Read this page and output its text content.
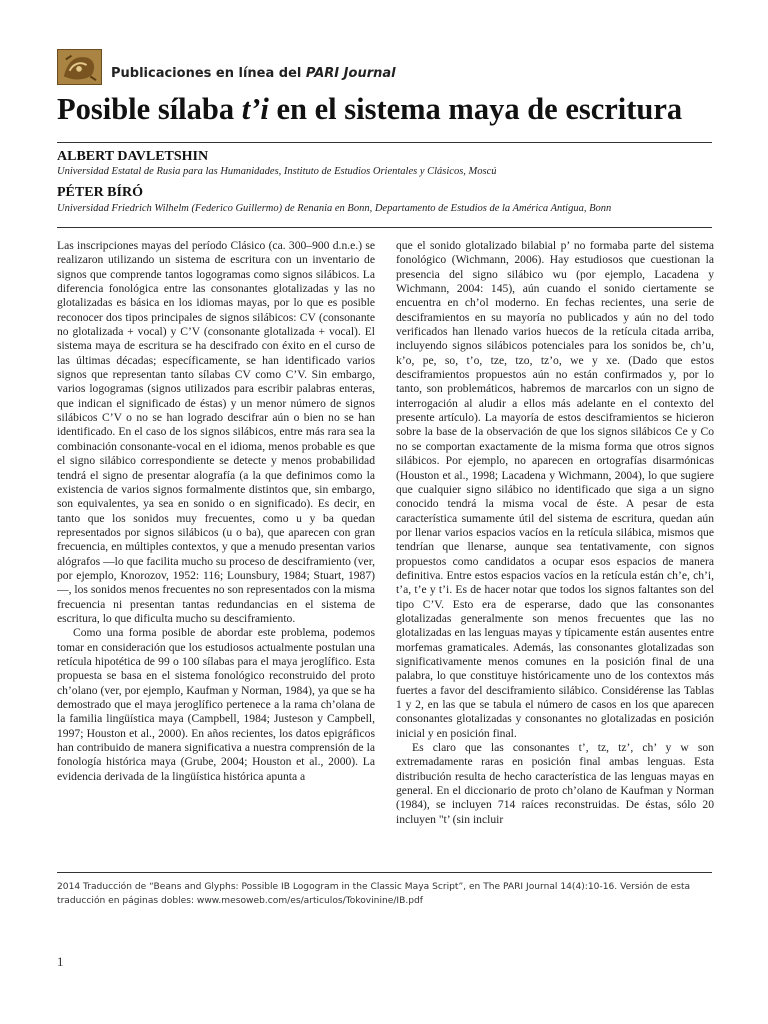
Publicaciones en línea del PARI Journal
Posible sílaba t’i en el sistema maya de escritura
ALBERT DAVLETSHIN
Universidad Estatal de Rusia para las Humanidades, Instituto de Estudios Orientales y Clásicos, Moscú
PÉTER BÍRÓ
Universidad Friedrich Wilhelm (Federico Guillermo) de Renania en Bonn, Departamento de Estudios de la América Antigua, Bonn

Las inscripciones mayas del período Clásico (ca. 300–900 d.n.e.) se realizaron utilizando un sistema de escritura con un inventario de signos que comprende tantos logogramas como signos silábicos. La diferencia fonológica entre las consonantes glotalizadas y las no glotalizadas es básica en los idiomas mayas, por lo que es posible reconocer dos tipos principales de signos silábicos: CV (consonante no glotalizada + vocal) y C’V (consonante glotalizada + vocal). El sistema maya de escritura se ha descifrado con éxito en el curso de las últimas décadas; específicamente, se han identificado varios signos que representan tanto sílabas CV como C’V. Sin embargo, varios logogramas (signos utilizados para escribir palabras enteras, que indican el significado de éstas) y un menor número de signos silábicos C’V o no se han logrado descifrar aún o bien no se han identificado. En el caso de los signos silábicos, entre más rara sea la combinación consonante-vocal en el idioma, menos probable es que el signo silábico correspondiente se detecte y menos probabilidad tendrá el signo de presentar alografía (a la que definimos como la existencia de varios signos formalmente distintos que, sin embargo, son equivalentes, ya sea en sonido o en significado). Es decir, en tanto que los sonidos muy frecuentes, como u y ba quedan representados por signos silábicos (u o ba), que aparecen con gran frecuencia, en múltiples contextos, y que a menudo presentan varios alógrafos —lo que facilita mucho su proceso de desciframiento (ver, por ejemplo, Knorozov, 1952: 116; Lounsbury, 1984; Stuart, 1987)—, los sonidos menos frecuentes no son representados con la misma frecuencia ni presentan tantas redundancias en el sistema de escritura, lo que dificulta mucho su desciframiento.

Como una forma posible de abordar este problema, podemos tomar en consideración que los estudiosos actualmente postulan una retícula hipotética de 99 o 100 sílabas para el maya jeroglífico. Esta propuesta se basa en el sistema fonológico reconstruido del proto ch’olano (ver, por ejemplo, Kaufman y Norman, 1984), ya que se ha demostrado que el maya jeroglífico pertenece a la rama ch’olana de la familia lingüística maya (Campbell, 1984; Justeson y Campbell, 1997; Houston et al., 2000). En años recientes, los datos epigráficos han contribuido de manera significativa a nuestra comprensión de la fonología histórica maya (Grube, 2004; Houston et al., 2000). La evidencia derivada de la lingüística histórica apunta a

que el sonido glotalizado bilabial p’ no formaba parte del sistema fonológico (Wichmann, 2006). Hay estudiosos que cuestionan la presencia del signo silábico wu (por ejemplo, Lacadena y Wichmann, 2004: 145), aún cuando el sonido ciertamente se encuentra en ch’ol moderno. En fechas recientes, una serie de desciframientos en su mayoría no publicados y aún no del todo verificados han llenado varios huecos de la retícula citada arriba, incluyendo signos silábicos potenciales para los sonidos be, ch’u, k’o, pe, so, t’o, tze, tzo, tz’o, we y xe. (Dado que estos desciframientos propuestos aún no están confirmados y, por lo tanto, son problemáticos, habremos de marcarlos con un signo de interrogación al aludir a ellos más adelante en el contexto del presente artículo). La mayoría de estos desciframientos se hicieron sobre la base de la observación de que los signos silábicos Ce y Co no se comportan exactamente de la misma forma que otros signos silábicos. Por ejemplo, no aparecen en ortografías disarmónicas (Houston et al., 1998; Lacadena y Wichmann, 2004), lo que sugiere que cualquier signo silábico no identificado que siga a un signo conocido tendrá la misma vocal de éste. A pesar de esta característica sumamente útil del sistema de escritura, quedan aún por llenar varios espacios vacíos en la retícula silábica, mismos que tendrían que llenarse, aunque sea tentativamente, con signos propuestos como candidatos a ocupar esos espacios de manera definitiva. Entre estos espacios vacíos en la retícula están ch’e, ch’i, t’a, t’e y t’i. Es de hacer notar que todos los signos faltantes son del tipo C’V. Esto era de esperarse, dado que las consonantes glotalizadas generalmente son menos frecuentes que las no glotalizadas en las lenguas mayas y típicamente están ausentes entre morfemas gramaticales. Además, las consonantes glotalizadas son significativamente menos comunes en la posición final de una palabra, lo que constituye históricamente uno de los contextos más fuertes a favor del desciframiento silábico. Considérense las Tablas 1 y 2, en las que se tabula el número de casos en los que aparecen consonantes glotalizadas y consonantes no glotalizadas en posición inicial y en posición final.

Es claro que las consonantes t’, tz, tz’, ch’ y w son extremadamente raras en posición final ambas lenguas. Esta distribución resulta de hecho característica de las lenguas mayas en general. En el diccionario de proto ch’olano de Kaufman y Norman (1984), se incluyen 714 raíces reconstruidas. De éstas, sólo 20 incluyen "t’ (sin incluir

2014 Traducción de “Beans and Glyphs: Possible IB Logogram in the Classic Maya Script”, en The PARI Journal 14(4):10-16. Versión de esta traducción en páginas dobles: www.mesoweb.com/es/articulos/Tokovinine/IB.pdf
1
